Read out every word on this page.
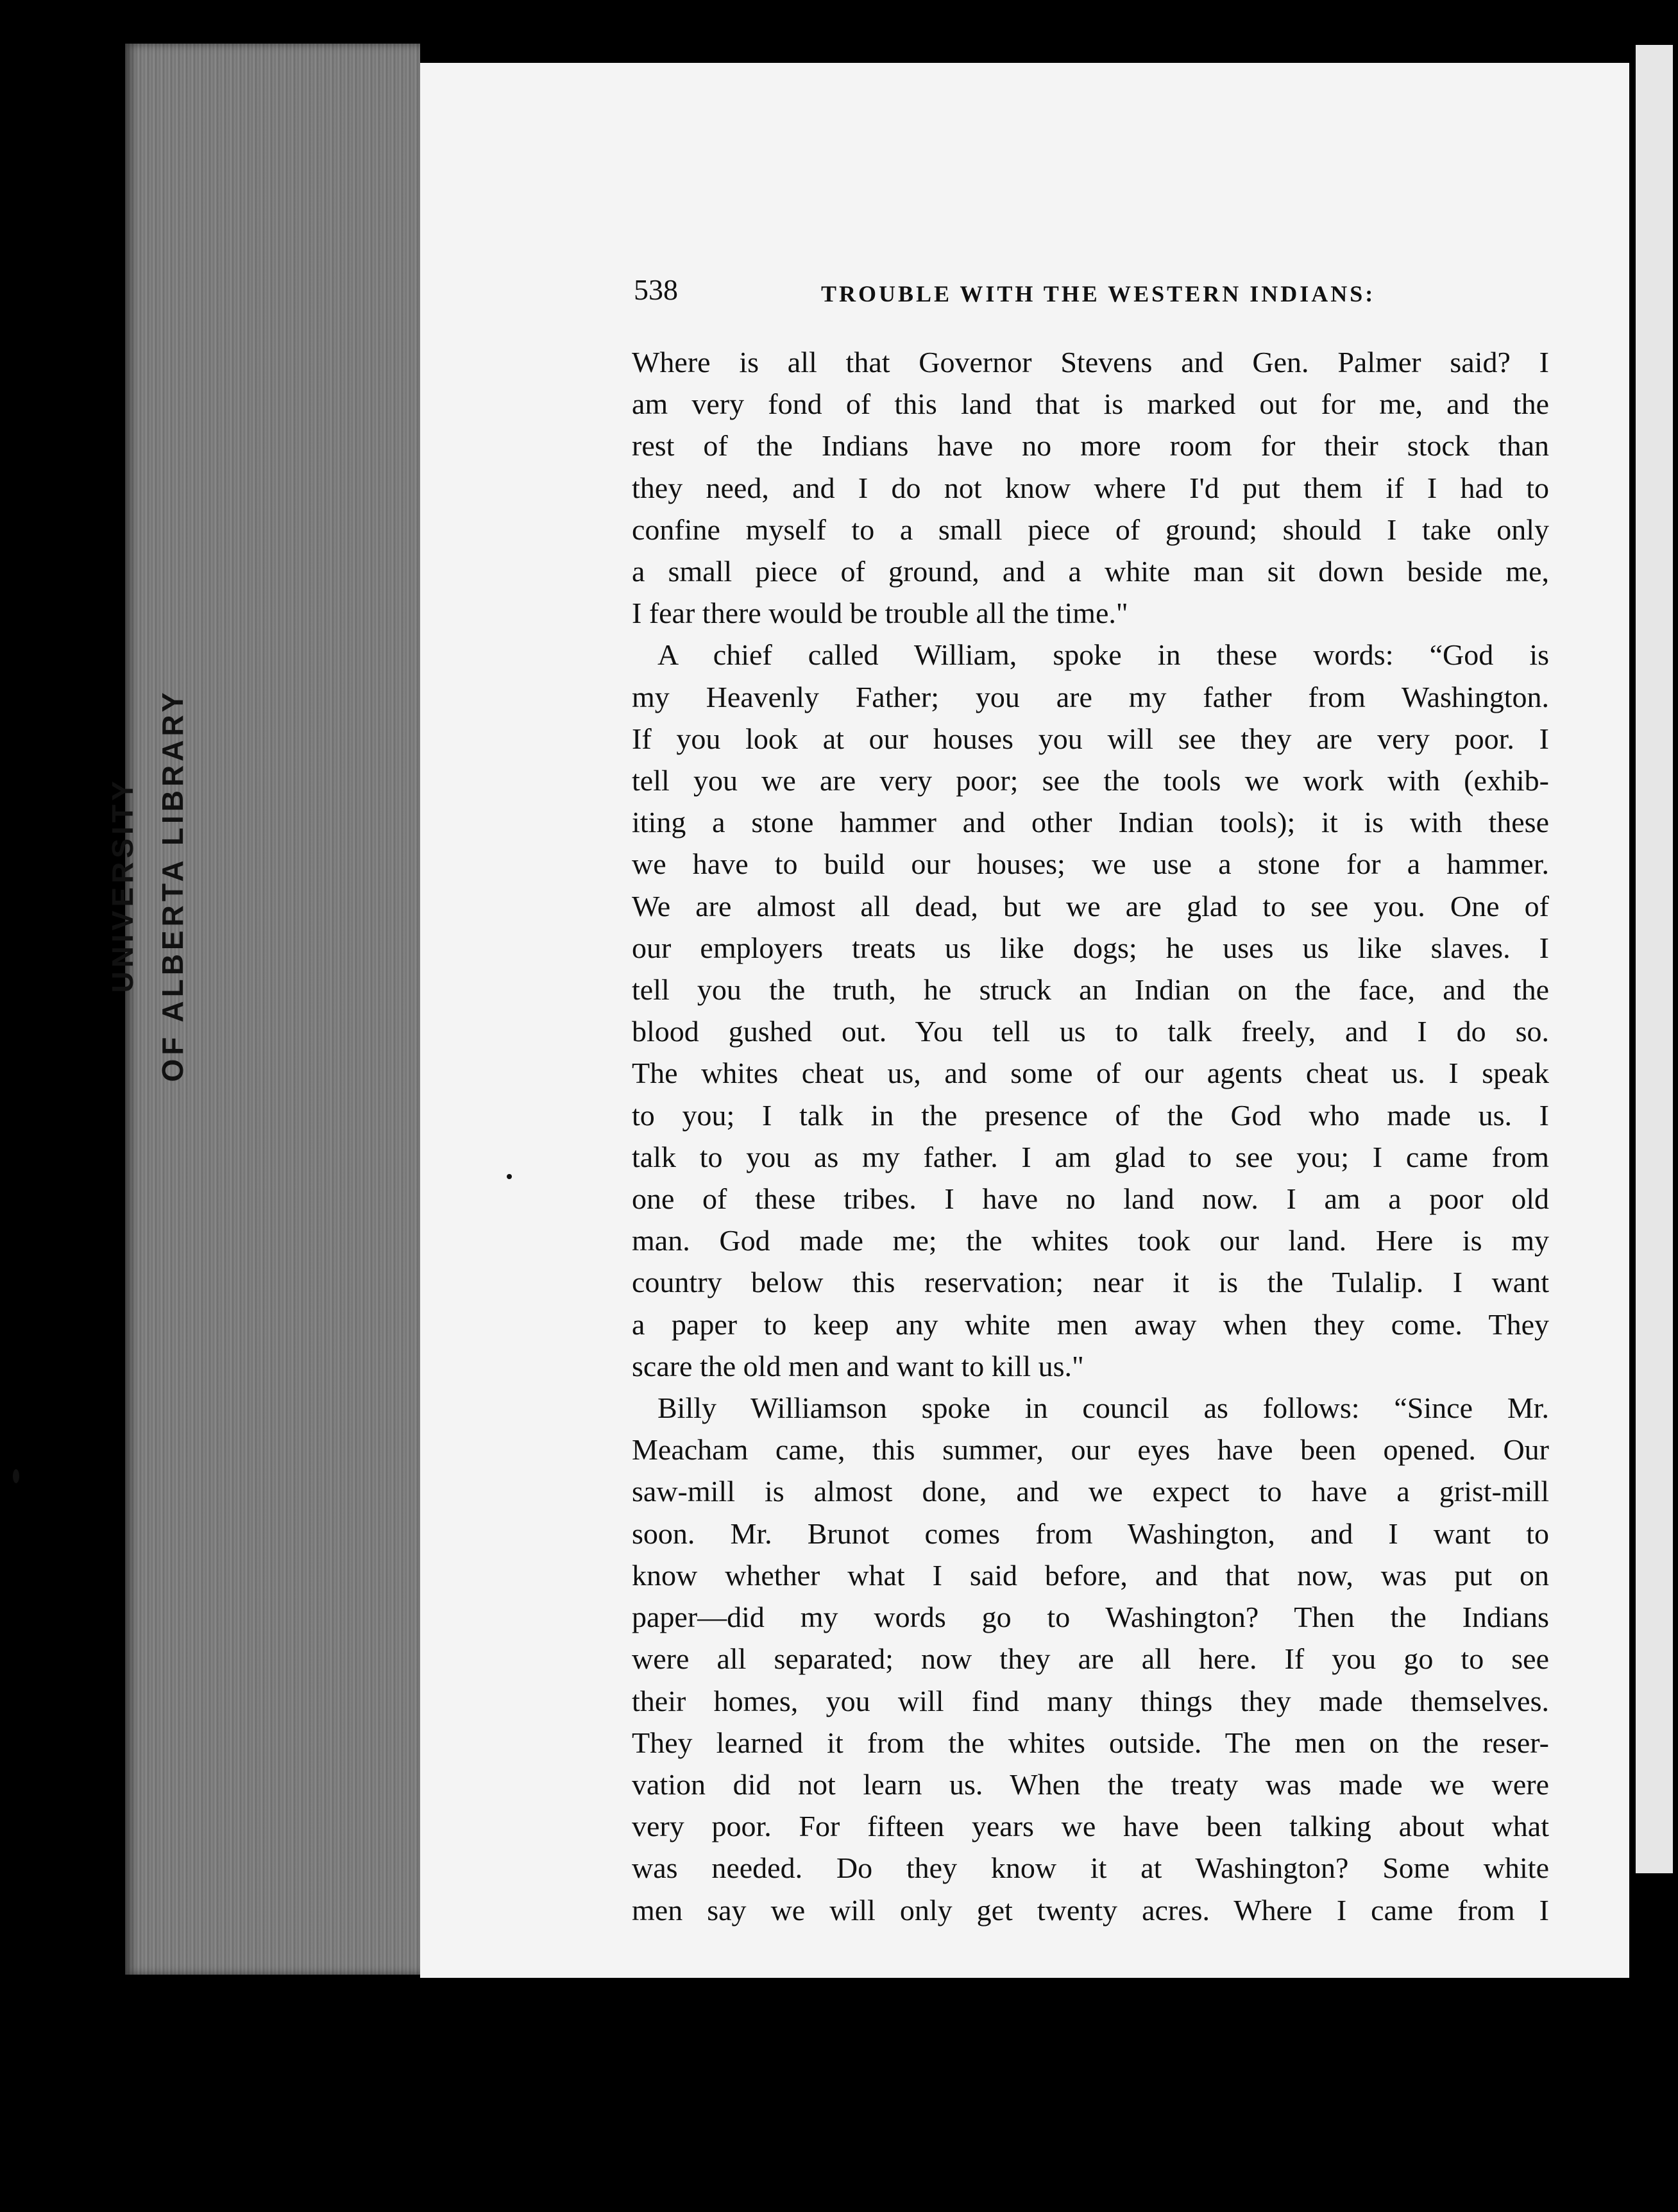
UNIVERSITY OF ALBERTA LIBRARY
538	TROUBLE WITH THE WESTERN INDIANS:
Where is all that Governor Stevens and Gen. Palmer said? I
am very fond of this land that is marked out for me, and the
rest of the Indians have no more room for their stock than
they need, and I do not know where I'd put them if I had to
confine myself to a small piece of ground; should I take only
a small piece of ground, and a white man sit down beside me,
I fear there would be trouble all the time."
A chief called William, spoke in these words: “God is
my Heavenly Father; you are my father from Washington.
If you look at our houses you will see they are very poor. I
tell you we are very poor; see the tools we work with (exhib-
iting a stone hammer and other Indian tools); it is with these
we have to build our houses; we use a stone for a hammer.
We are almost all dead, but we are glad to see you. One of
our employers treats us like dogs; he uses us like slaves. I
tell you the truth, he struck an Indian on the face, and the
blood gushed out. You tell us to talk freely, and I do so.
The whites cheat us, and some of our agents cheat us. I speak
to you; I talk in the presence of the God who made us. I
talk to you as my father. I am glad to see you; I came from
one of these tribes. I have no land now. I am a poor old
man. God made me; the whites took our land. Here is my
country below this reservation; near it is the Tulalip. I want
a paper to keep any white men away when they come. They
scare the old men and want to kill us."
Billy Williamson spoke in council as follows: “Since Mr.
Meacham came, this summer, our eyes have been opened. Our
saw-mill is almost done, and we expect to have a grist-mill
soon. Mr. Brunot comes from Washington, and I want to
know whether what I said before, and that now, was put on
paper—did my words go to Washington? Then the Indians
were all separated; now they are all here. If you go to see
their homes, you will find many things they made themselves.
They learned it from the whites outside. The men on the reser-
vation did not learn us. When the treaty was made we were
very poor. For fifteen years we have been talking about what
was needed. Do they know it at Washington? Some white
men say we will only get twenty acres. Where I came from I
